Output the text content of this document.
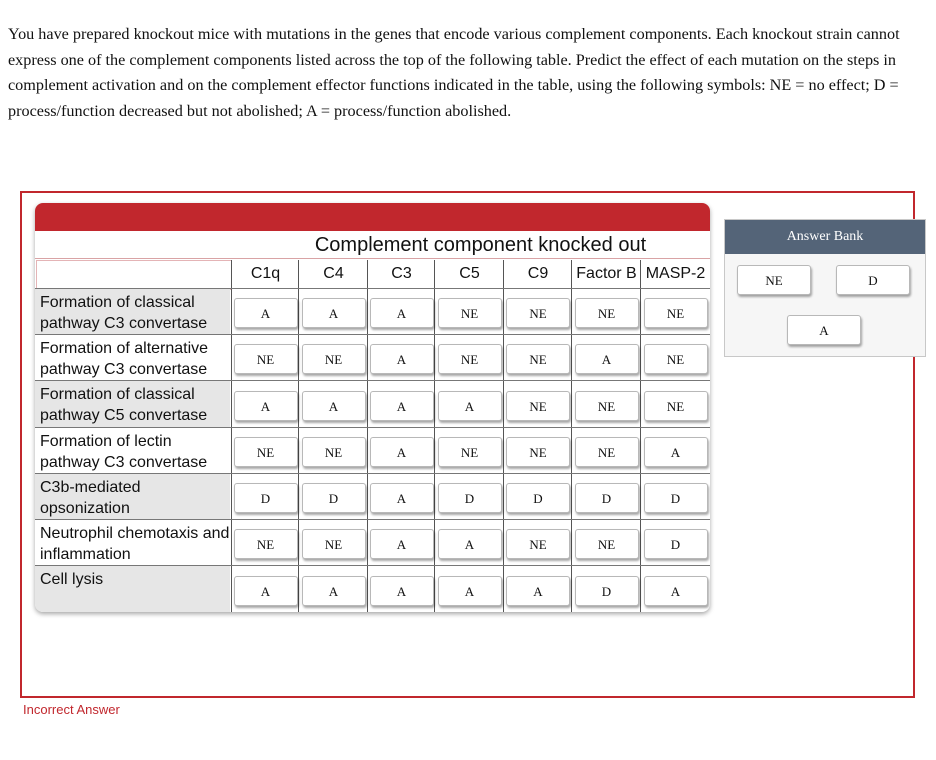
You have prepared knockout mice with mutations in the genes that encode various complement components. Each knockout strain cannot express one of the complement components listed across the top of the following table. Predict the effect of each mutation on the steps in complement activation and on the complement effector functions indicated in the table, using the following symbols: NE = no effect; D = process/function decreased but not abolished; A = process/function abolished.
Complement component knocked out
C1q	C4	C3	C5	C9	Factor B MASP-2
Formation of classical pathway C3 convertase
A	A	A	NE	NE	NE	NE
Formation of alternative pathway C3 convertase
NE	NE	A	NE	NE	A	NE
Formation of classical pathway C5 convertase
A	A	A	A	NE	NE	NE
Formation of lectin pathway C3 convertase
NE	NE	A	NE	NE	NE	A
C3b-mediated opsonization
D	D	A	D	D	D	D
Neutrophil chemotaxis and inflammation
NE	NE	A	A	NE	NE	D
Cell lysis
A	A	A	A	A	D	A
Answer Bank
NE	D
A
Incorrect Answer
